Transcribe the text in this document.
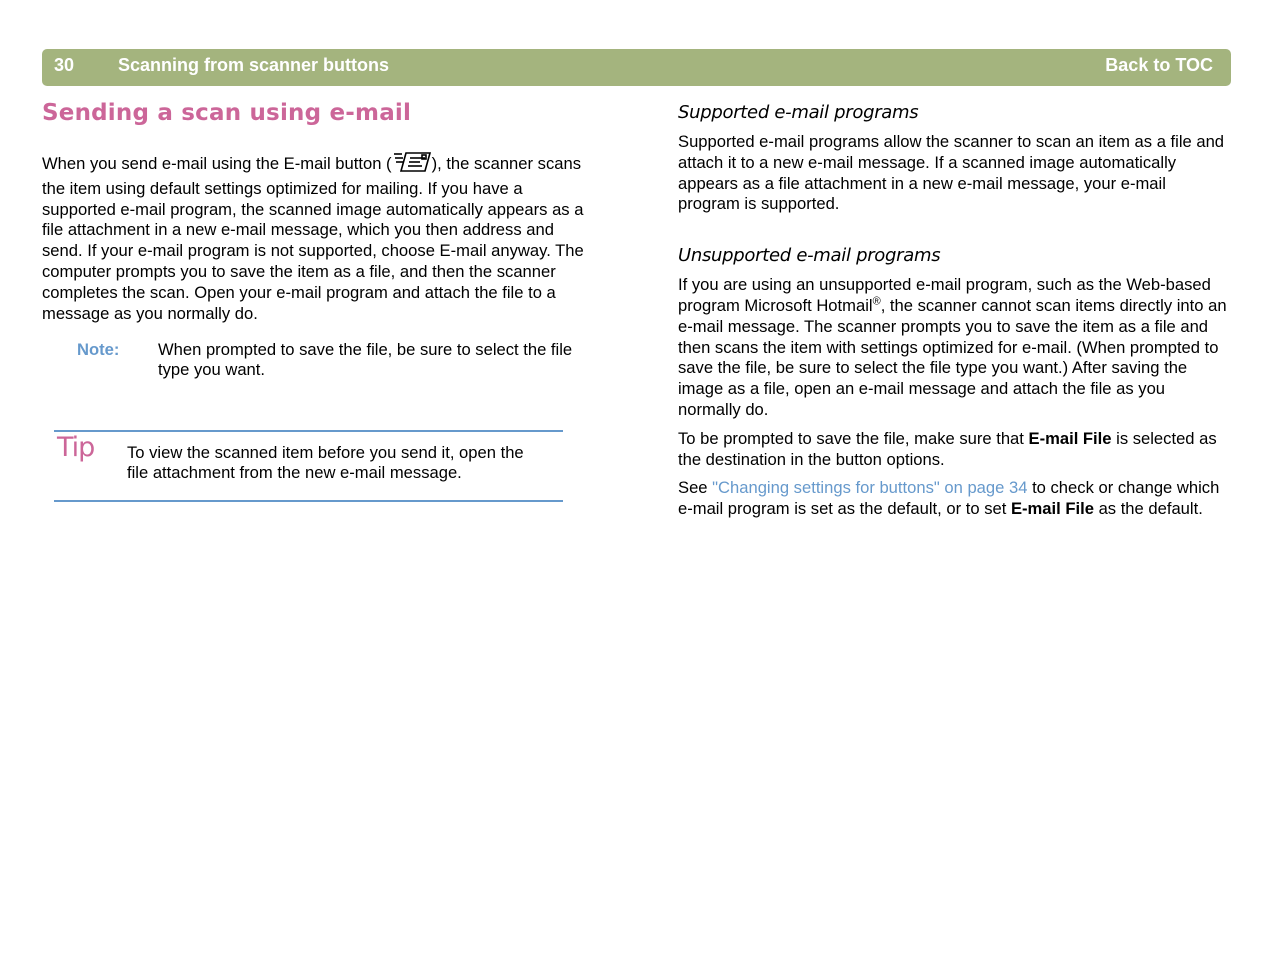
30 Scanning from scanner buttons	Back to TOC
Sending a scan using e-mail

When you send e-mail using the E-mail button ( ), the scanner scans the item using default settings optimized for mailing. If you have a supported e-mail program, the scanned image automatically appears as a file attachment in a new e-mail message, which you then address and send. If your e-mail program is not supported, choose E-mail anyway. The computer prompts you to save the item as a file, and then the scanner completes the scan. Open your e-mail program and attach the file to a message as you normally do.

Note: When prompted to save the file, be sure to select the file type you want.
Tip To view the scanned item before you send it, open the file attachment from the new e-mail message.
Supported e-mail programs

Supported e-mail programs allow the scanner to scan an item as a file and attach it to a new e-mail message. If a scanned image automatically appears as a file attachment in a new e-mail message, your e-mail program is supported.

Unsupported e-mail programs

If you are using an unsupported e-mail program, such as the Web-based program Microsoft Hotmail®, the scanner cannot scan items directly into an e-mail message. The scanner prompts you to save the item as a file and then scans the item with settings optimized for e-mail. (When prompted to save the file, be sure to select the file type you want.) After saving the image as a file, open an e-mail message and attach the file as you normally do.

To be prompted to save the file, make sure that E-mail File is selected as the destination in the button options.

See "Changing settings for buttons" on page 34 to check or change which e-mail program is set as the default, or to set E-mail File as the default.
